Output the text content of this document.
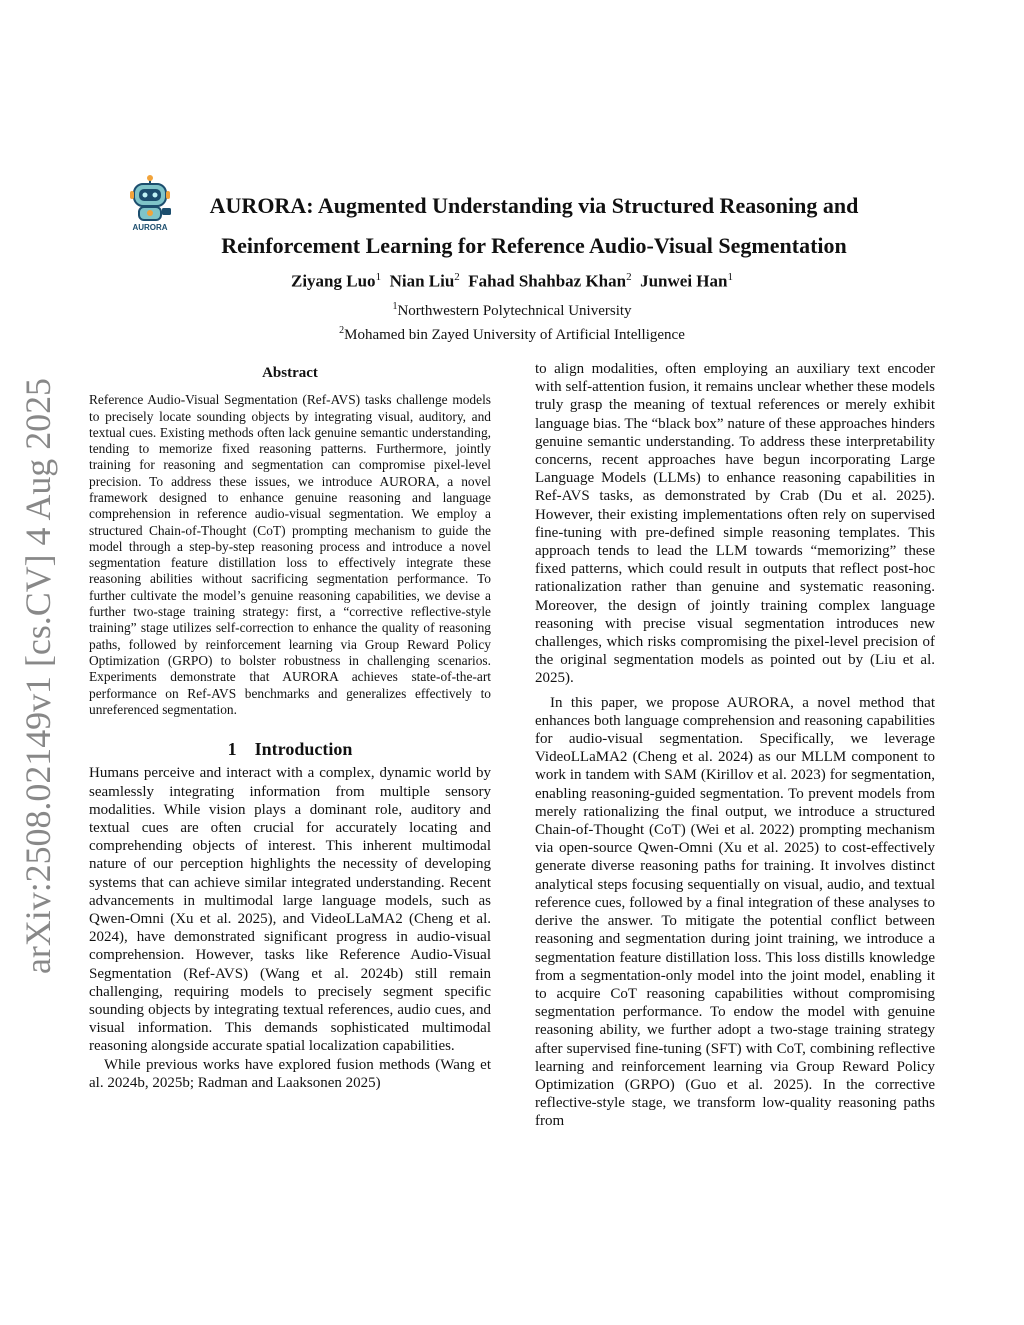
arXiv:2508.02149v1 [cs.CV] 4 Aug 2025
AURORA
AURORA: Augmented Understanding via Structured Reasoning and
Reinforcement Learning for Reference Audio-Visual Segmentation
Ziyang Luo$^1$ Nian Liu$^2$ Fahad Shahbaz Khan$^2$ Junwei Han$^1$
$^1$Northwestern Polytechnical University
$^2$Mohamed bin Zayed University of Artificial Intelligence
Abstract

Reference Audio-Visual Segmentation (Ref-AVS) tasks challenge models to precisely locate sounding objects by integrating visual, auditory, and textual cues. Existing methods often lack genuine semantic understanding, tending to memorize fixed reasoning patterns. Furthermore, jointly training for reasoning and segmentation can compromise pixel-level precision. To address these issues, we introduce AURORA, a novel framework designed to enhance genuine reasoning and language comprehension in reference audio-visual segmentation. We employ a structured Chain-of-Thought (CoT) prompting mechanism to guide the model through a step-by-step reasoning process and introduce a novel segmentation feature distillation loss to effectively integrate these reasoning abilities without sacrificing segmentation performance. To further cultivate the model’s genuine reasoning capabilities, we devise a further two-stage training strategy: first, a “corrective reflective-style training” stage utilizes self-correction to enhance the quality of reasoning paths, followed by reinforcement learning via Group Reward Policy Optimization (GRPO) to bolster robustness in challenging scenarios. Experiments demonstrate that AURORA achieves state-of-the-art performance on Ref-AVS benchmarks and generalizes effectively to unreferenced segmentation.

1 Introduction

Humans perceive and interact with a complex, dynamic world by seamlessly integrating information from multiple sensory modalities. While vision plays a dominant role, auditory and textual cues are often crucial for accurately locating and comprehending objects of interest. This inherent multimodal nature of our perception highlights the necessity of developing systems that can achieve similar integrated understanding. Recent advancements in multimodal large language models, such as Qwen-Omni (Xu et al. 2025), and VideoLLaMA2 (Cheng et al. 2024), have demonstrated significant progress in audio-visual comprehension. However, tasks like Reference Audio-Visual Segmentation (Ref-AVS) (Wang et al. 2024b) still remain challenging, requiring models to precisely segment specific sounding objects by integrating textual references, audio cues, and visual information. This demands sophisticated multimodal reasoning alongside accurate spatial localization capabilities.

While previous works have explored fusion methods (Wang et al. 2024b, 2025b; Radman and Laaksonen 2025)

to align modalities, often employing an auxiliary text encoder with self-attention fusion, it remains unclear whether these models truly grasp the meaning of textual references or merely exhibit language bias. The “black box” nature of these approaches hinders genuine semantic understanding. To address these interpretability concerns, recent approaches have begun incorporating Large Language Models (LLMs) to enhance reasoning capabilities in Ref-AVS tasks, as demonstrated by Crab (Du et al. 2025). However, their existing implementations often rely on supervised fine-tuning with pre-defined simple reasoning templates. This approach tends to lead the LLM towards “memorizing” these fixed patterns, which could result in outputs that reflect post-hoc rationalization rather than genuine and systematic reasoning. Moreover, the design of jointly training complex language reasoning with precise visual segmentation introduces new challenges, which risks compromising the pixel-level precision of the original segmentation models as pointed out by (Liu et al. 2025).

In this paper, we propose AURORA, a novel method that enhances both language comprehension and reasoning capabilities for audio-visual segmentation. Specifically, we leverage VideoLLaMA2 (Cheng et al. 2024) as our MLLM component to work in tandem with SAM (Kirillov et al. 2023) for segmentation, enabling reasoning-guided segmentation. To prevent models from merely rationalizing the final output, we introduce a structured Chain-of-Thought (CoT) (Wei et al. 2022) prompting mechanism via open-source Qwen-Omni (Xu et al. 2025) to cost-effectively generate diverse reasoning paths for training. It involves distinct analytical steps focusing sequentially on visual, audio, and textual reference cues, followed by a final integration of these analyses to derive the answer. To mitigate the potential conflict between reasoning and segmentation during joint training, we introduce a segmentation feature distillation loss. This loss distills knowledge from a segmentation-only model into the joint model, enabling it to acquire CoT reasoning capabilities without compromising segmentation performance. To endow the model with genuine reasoning ability, we further adopt a two-stage training strategy after supervised fine-tuning (SFT) with CoT, combining reflective learning and reinforcement learning via Group Reward Policy Optimization (GRPO) (Guo et al. 2025). In the corrective reflective-style stage, we transform low-quality reasoning paths from
